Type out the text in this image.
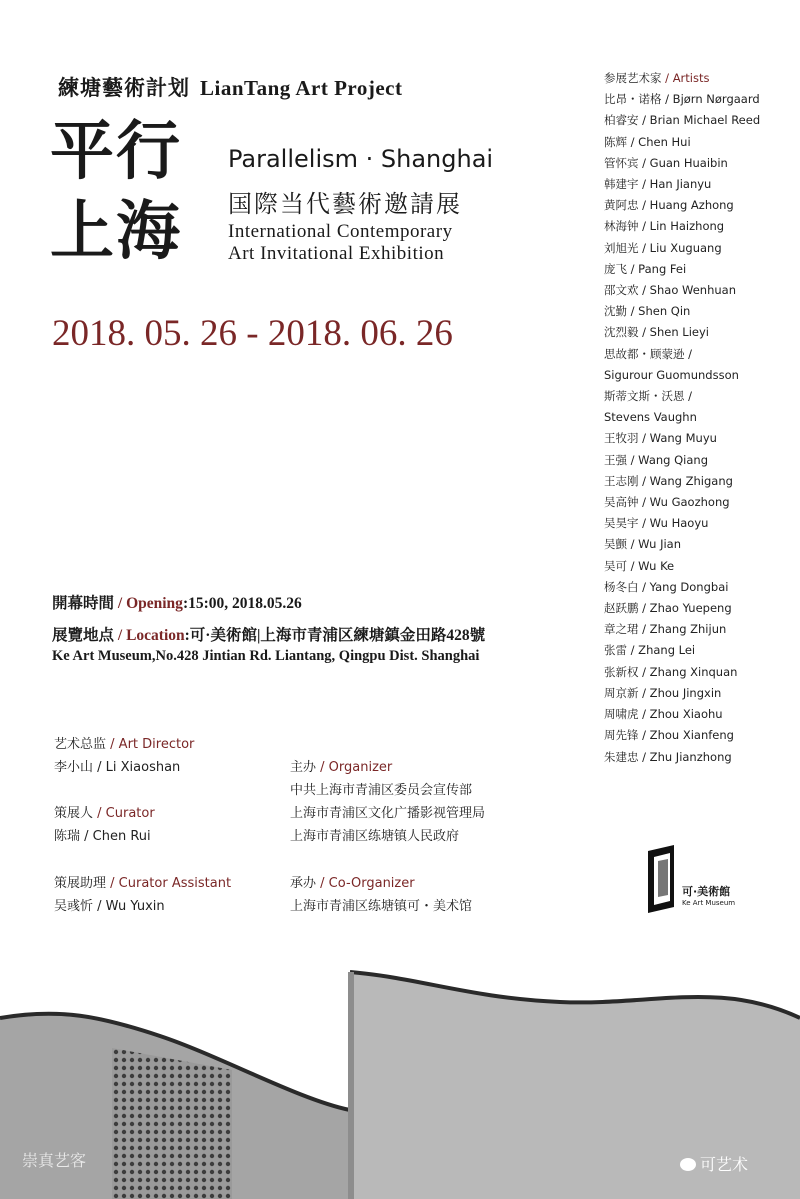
練塘藝術計划 LianTang Art Project
平行
上海
Parallelism · Shanghai
国際当代藝術邀請展
International Contemporary
Art Invitational Exhibition
2018. 05. 26 - 2018. 06. 26
参展艺术家 / Artists
比昂・诺格 / Bjørn Nørgaard
柏睿安 / Brian Michael Reed
陈辉 / Chen Hui
管怀宾 / Guan Huaibin
韩建宇 / Han Jianyu
黄阿忠 / Huang Azhong
林海钟 / Lin Haizhong
刘旭光 / Liu Xuguang
庞飞 / Pang Fei
邵文欢 / Shao Wenhuan
沈勤 / Shen Qin
沈烈毅 / Shen Lieyi
思故都・顾蒙逊 /
Sigurour Guomundsson
斯蒂文斯・沃恩 /
Stevens Vaughn
王牧羽 / Wang Muyu
王强 / Wang Qiang
王志刚 / Wang Zhigang
吴高钟 / Wu Gaozhong
吴昊宇 / Wu Haoyu
吴颤 / Wu Jian
吴可 / Wu Ke
杨冬白 / Yang Dongbai
赵跃鹏 / Zhao Yuepeng
章之珺 / Zhang Zhijun
张雷 / Zhang Lei
张新权 / Zhang Xinquan
周京新 / Zhou Jingxin
周啸虎 / Zhou Xiaohu
周先锋 / Zhou Xianfeng
朱建忠 / Zhu Jianzhong
開幕時間 / Opening:15:00, 2018.05.26
展覽地点 / Location:可·美術館|上海市青浦区練塘鎮金田路428號
Ke Art Museum,No.428 Jintian Rd. Liantang, Qingpu Dist. Shanghai
艺术总监 / Art Director
李小山 / Li Xiaoshan
策展人 / Curator
陈瑞 / Chen Rui
策展助理 / Curator Assistant
吴彧忻 / Wu Yuxin
主办 / Organizer
中共上海市青浦区委员会宣传部
上海市青浦区文化广播影视管理局
上海市青浦区练塘镇人民政府
承办 / Co-Organizer
上海市青浦区练塘镇可・美术馆
可·美術館
Ke Art Museum
崇真艺客	可艺术
